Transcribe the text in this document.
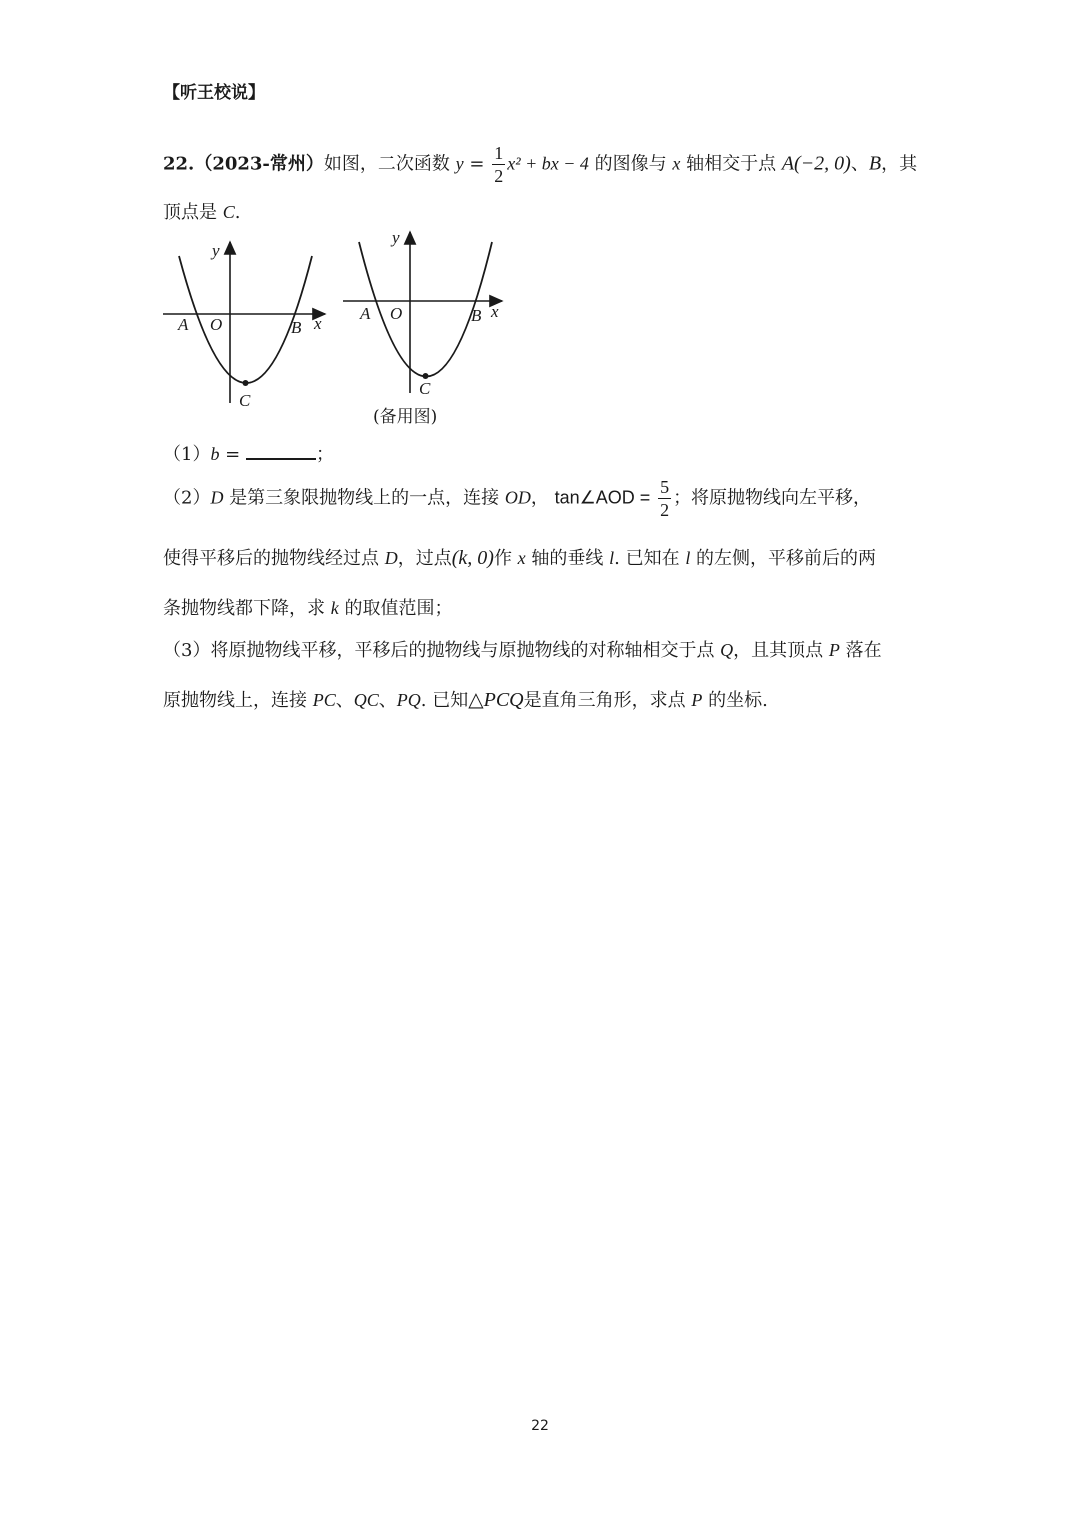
【听王校说】
22.（2023-常州）如图，二次函数 $y = \frac{1}{2} x^2$ + bx − 4 的图像与 x 轴相交于点 A(−2, 0)、B，其
顶点是 C.
y
x
A O	B
C
y
x
A O	B
C
(备用图)
（1）b =	；
（2）D 是第三象限抛物线上的一点，连接 OD， tan∠AOD = $\frac{5}{2}$ ；将原抛物线向左平移，
使得平移后的抛物线经过点 D，过点(k, 0)作 x 轴的垂线 l. 已知在 l 的左侧，平移前后的两
条抛物线都下降，求 k 的取值范围；
（3）将原抛物线平移，平移后的抛物线与原抛物线的对称轴相交于点 Q，且其顶点 P 落在
原抛物线上，连接 PC、QC、PQ. 已知△PCQ是直角三角形，求点 P 的坐标.
22
